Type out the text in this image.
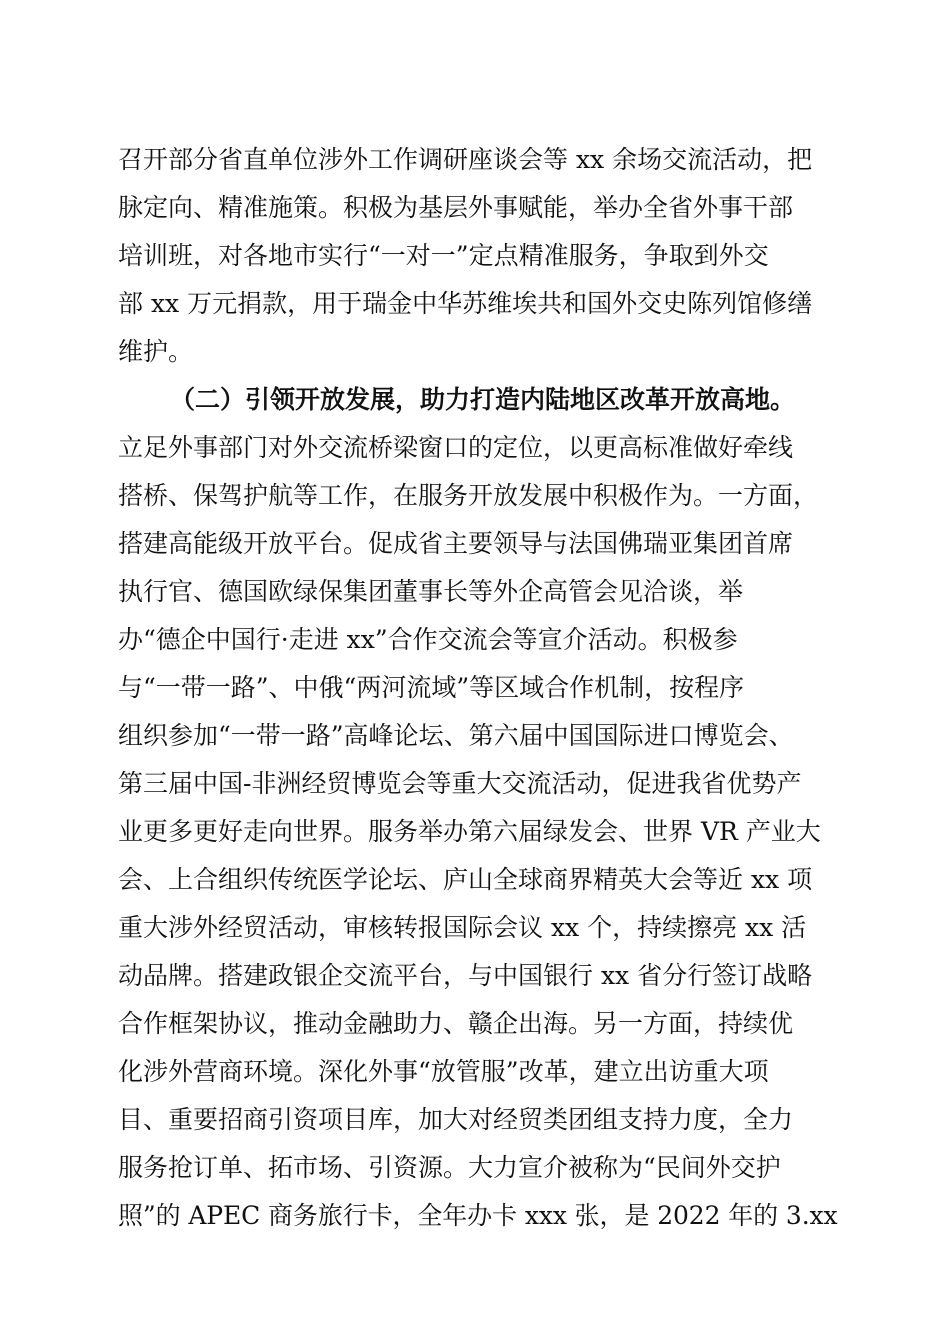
召开部分省直单位涉外工作调研座谈会等 xx 余场交流活动，把
脉定向、精准施策。积极为基层外事赋能，举办全省外事干部
培训班，对各地市实行“一对一”定点精准服务，争取到外交
部 xx 万元捐款，用于瑞金中华苏维埃共和国外交史陈列馆修缮
维护。
（二）引领开放发展，助力打造内陆地区改革开放高地。
立足外事部门对外交流桥梁窗口的定位，以更高标准做好牵线
搭桥、保驾护航等工作，在服务开放发展中积极作为。一方面，
搭建高能级开放平台。促成省主要领导与法国佛瑞亚集团首席
执行官、德国欧绿保集团董事长等外企高管会见洽谈，举
办“德企中国行·走进 xx”合作交流会等宣介活动。积极参
与“一带一路”、中俄“两河流域”等区域合作机制，按程序
组织参加“一带一路”高峰论坛、第六届中国国际进口博览会、
第三届中国-非洲经贸博览会等重大交流活动，促进我省优势产
业更多更好走向世界。服务举办第六届绿发会、世界 VR 产业大
会、上合组织传统医学论坛、庐山全球商界精英大会等近 xx 项
重大涉外经贸活动，审核转报国际会议 xx 个，持续擦亮 xx 活
动品牌。搭建政银企交流平台，与中国银行 xx 省分行签订战略
合作框架协议，推动金融助力、赣企出海。另一方面，持续优
化涉外营商环境。深化外事“放管服”改革，建立出访重大项
目、重要招商引资项目库，加大对经贸类团组支持力度，全力
服务抢订单、拓市场、引资源。大力宣介被称为“民间外交护
照”的 APEC 商务旅行卡，全年办卡 xxx 张，是 2022 年的 3.xx
